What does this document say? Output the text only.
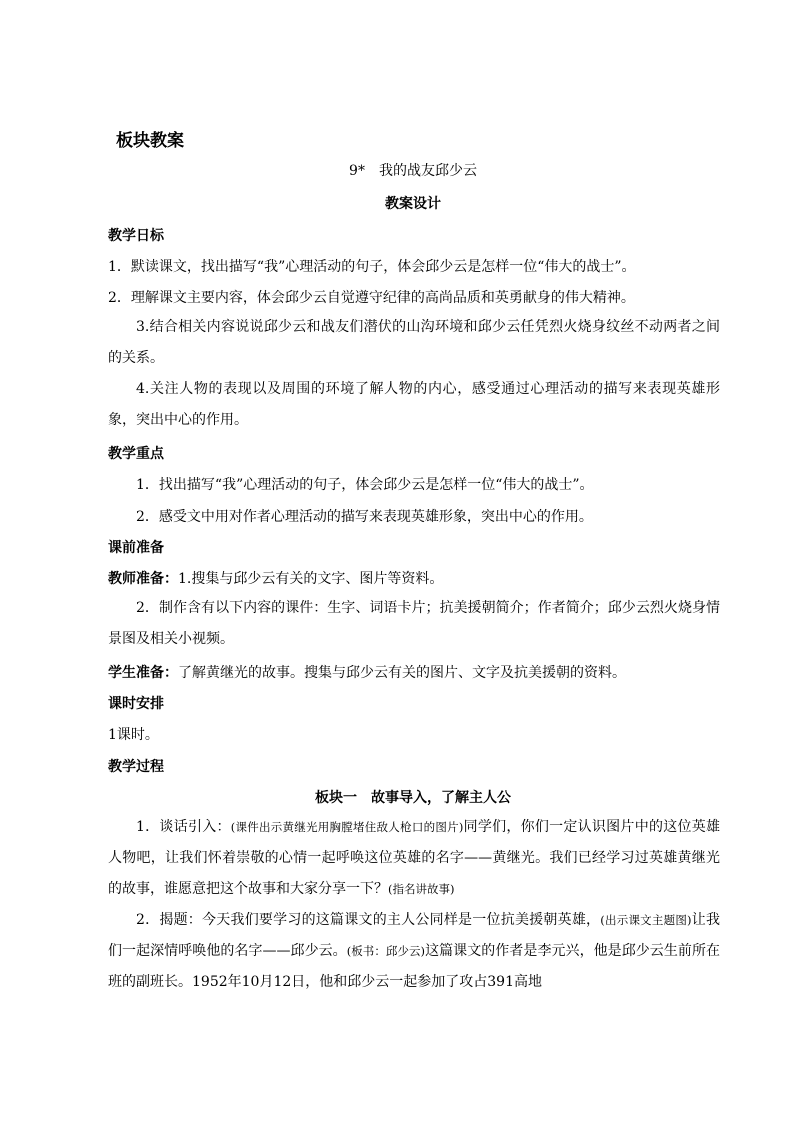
板块教案
9*　我的战友邱少云
教案设计
教学日标
1．默读课文，找出描写“我”心理活动的句子，体会邱少云是怎样一位“伟大的战士”。
2．理解课文主要内容，体会邱少云自觉遵守纪律的高尚品质和英勇献身的伟大精神。
3.结合相关内容说说邱少云和战友们潜伏的山沟环境和邱少云任凭烈火烧身纹丝不动两者之间的关系。
4.关注人物的表现以及周围的环境了解人物的内心，感受通过心理活动的描写来表现英雄形象，突出中心的作用。
教学重点
1．找出描写“我”心理活动的句子，体会邱少云是怎样一位“伟大的战士”。
2．感受文中用对作者心理活动的描写来表现英雄形象，突出中心的作用。
课前准备
教师准备：1.搜集与邱少云有关的文字、图片等资料。
2．制作含有以下内容的课件：生字、词语卡片；抗美援朝简介；作者简介；邱少云烈火烧身情景图及相关小视频。
学生准备：了解黄继光的故事。搜集与邱少云有关的图片、文字及抗美援朝的资料。
课时安排
1课时。
教学过程
板块一　故事导入，了解主人公
1．谈话引入：(课件出示黄继光用胸膛堵住敌人枪口的图片)同学们，你们一定认识图片中的这位英雄人物吧，让我们怀着崇敬的心情一起呼唤这位英雄的名字——黄继光。我们已经学习过英雄黄继光的故事，谁愿意把这个故事和大家分享一下？(指名讲故事)
2．揭题：今天我们要学习的这篇课文的主人公同样是一位抗美援朝英雄，(出示课文主题图)让我们一起深情呼唤他的名字——邱少云。(板书：邱少云)这篇课文的作者是李元兴，他是邱少云生前所在班的副班长。1952年10月12日，他和邱少云一起参加了攻占391高地
